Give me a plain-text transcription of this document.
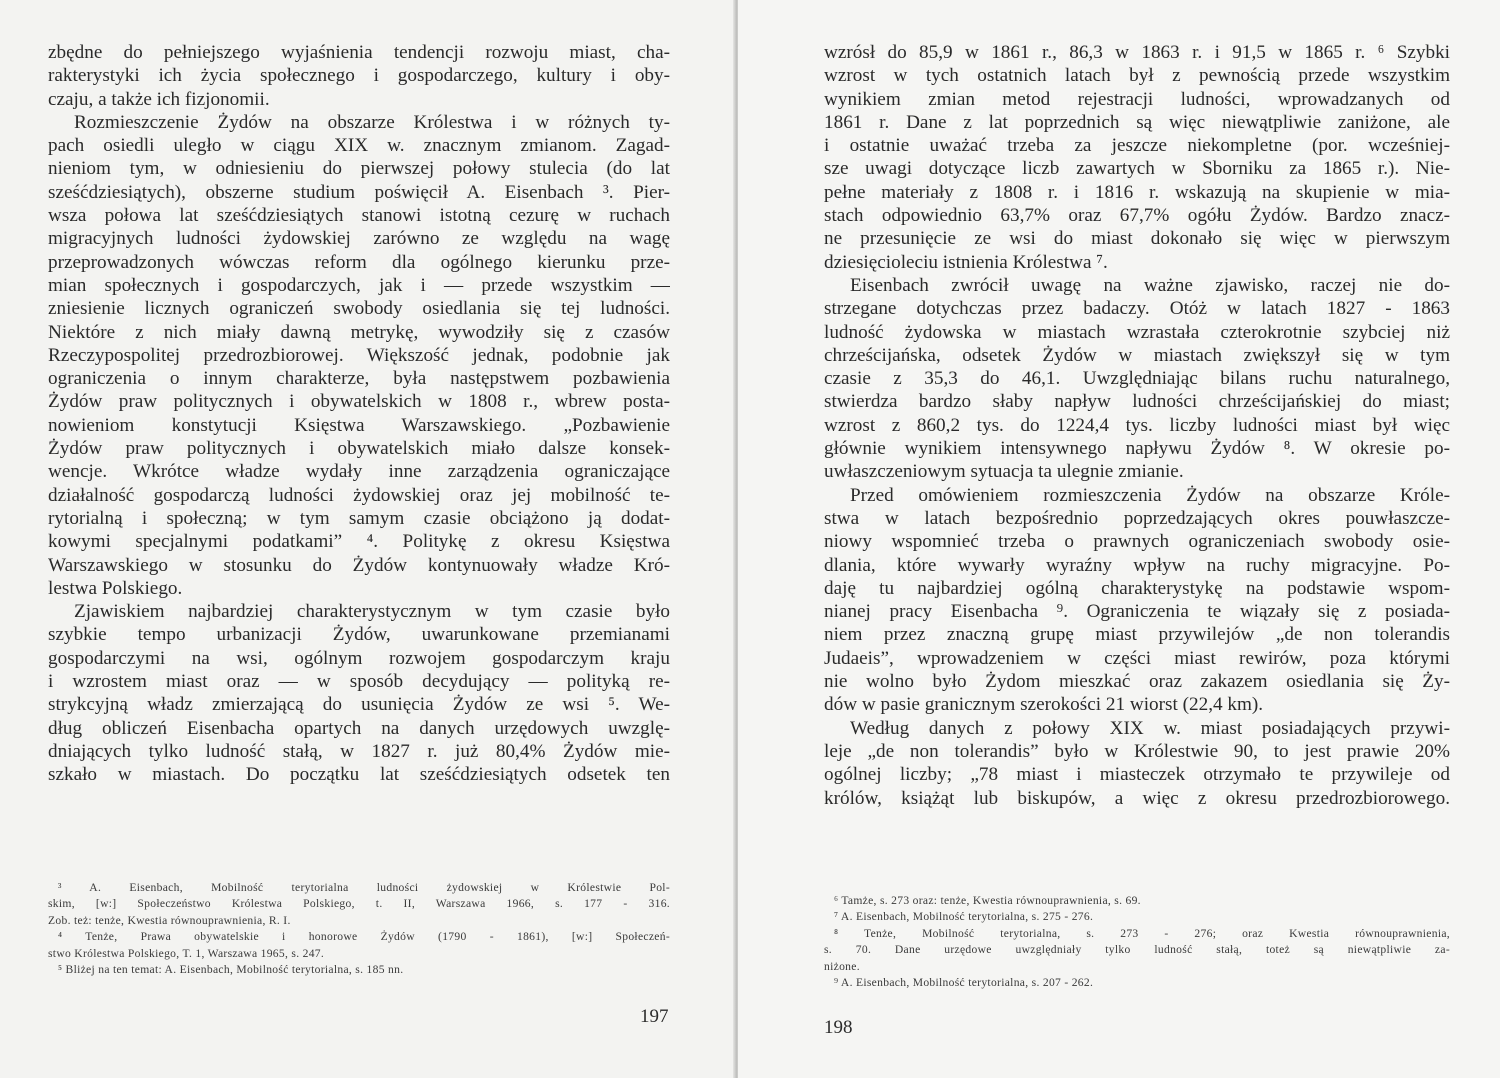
zbędne do pełniejszego wyjaśnienia tendencji rozwoju miast, cha-
rakterystyki ich życia społecznego i gospodarczego, kultury i oby-
czaju, a także ich fizjonomii.
Rozmieszczenie Żydów na obszarze Królestwa i w różnych ty-
pach osiedli uległo w ciągu XIX w. znacznym zmianom. Zagad-
nieniom tym, w odniesieniu do pierwszej połowy stulecia (do lat
sześćdziesiątych), obszerne studium poświęcił A. Eisenbach ³. Pier-
wsza połowa lat sześćdziesiątych stanowi istotną cezurę w ruchach
migracyjnych ludności żydowskiej zarówno ze względu na wagę
przeprowadzonych wówczas reform dla ogólnego kierunku prze-
mian społecznych i gospodarczych, jak i — przede wszystkim —
zniesienie licznych ograniczeń swobody osiedlania się tej ludności.
Niektóre z nich miały dawną metrykę, wywodziły się z czasów
Rzeczypospolitej przedrozbiorowej. Większość jednak, podobnie jak
ograniczenia o innym charakterze, była następstwem pozbawienia
Żydów praw politycznych i obywatelskich w 1808 r., wbrew posta-
nowieniom konstytucji Księstwa Warszawskiego. „Pozbawienie
Żydów praw politycznych i obywatelskich miało dalsze konsek-
wencje. Wkrótce władze wydały inne zarządzenia ograniczające
działalność gospodarczą ludności żydowskiej oraz jej mobilność te-
rytorialną i społeczną; w tym samym czasie obciążono ją dodat-
kowymi specjalnymi podatkami” ⁴. Politykę z okresu Księstwa
Warszawskiego w stosunku do Żydów kontynuowały władze Kró-
lestwa Polskiego.
Zjawiskiem najbardziej charakterystycznym w tym czasie było
szybkie tempo urbanizacji Żydów, uwarunkowane przemianami
gospodarczymi na wsi, ogólnym rozwojem gospodarczym kraju
i wzrostem miast oraz — w sposób decydujący — polityką re-
strykcyjną władz zmierzającą do usunięcia Żydów ze wsi ⁵. We-
dług obliczeń Eisenbacha opartych na danych urzędowych uwzglę-
dniających tylko ludność stałą, w 1827 r. już 80,4% Żydów mie-
szkało w miastach. Do początku lat sześćdziesiątych odsetek ten
³ A. Eisenbach, Mobilność terytorialna ludności żydowskiej w Królestwie Pol-
skim, [w:] Społeczeństwo Królestwa Polskiego, t. II, Warszawa 1966, s. 177 - 316.
Zob. też: tenże, Kwestia równouprawnienia, R. I.
⁴ Tenże, Prawa obywatelskie i honorowe Żydów (1790 - 1861), [w:] Społeczeń-
stwo Królestwa Polskiego, T. 1, Warszawa 1965, s. 247.
⁵ Bliżej na ten temat: A. Eisenbach, Mobilność terytorialna, s. 185 nn.
197
wzrósł do 85,9 w 1861 r., 86,3 w 1863 r. i 91,5 w 1865 r. ⁶ Szybki
wzrost w tych ostatnich latach był z pewnością przede wszystkim
wynikiem zmian metod rejestracji ludności, wprowadzanych od
1861 r. Dane z lat poprzednich są więc niewątpliwie zaniżone, ale
i ostatnie uważać trzeba za jeszcze niekompletne (por. wcześniej-
sze uwagi dotyczące liczb zawartych w Sborniku za 1865 r.). Nie-
pełne materiały z 1808 r. i 1816 r. wskazują na skupienie w mia-
stach odpowiednio 63,7% oraz 67,7% ogółu Żydów. Bardzo znacz-
ne przesunięcie ze wsi do miast dokonało się więc w pierwszym
dziesięcioleciu istnienia Królestwa ⁷.
Eisenbach zwrócił uwagę na ważne zjawisko, raczej nie do-
strzegane dotychczas przez badaczy. Otóż w latach 1827 - 1863
ludność żydowska w miastach wzrastała czterokrotnie szybciej niż
chrześcijańska, odsetek Żydów w miastach zwiększył się w tym
czasie z 35,3 do 46,1. Uwzględniając bilans ruchu naturalnego,
stwierdza bardzo słaby napływ ludności chrześcijańskiej do miast;
wzrost z 860,2 tys. do 1224,4 tys. liczby ludności miast był więc
głównie wynikiem intensywnego napływu Żydów ⁸. W okresie po-
uwłaszczeniowym sytuacja ta ulegnie zmianie.
Przed omówieniem rozmieszczenia Żydów na obszarze Króle-
stwa w latach bezpośrednio poprzedzających okres pouwłaszcze-
niowy wspomnieć trzeba o prawnych ograniczeniach swobody osie-
dlania, które wywarły wyraźny wpływ na ruchy migracyjne. Po-
daję tu najbardziej ogólną charakterystykę na podstawie wspom-
nianej pracy Eisenbacha ⁹. Ograniczenia te wiązały się z posiada-
niem przez znaczną grupę miast przywilejów „de non tolerandis
Judaeis”, wprowadzeniem w części miast rewirów, poza którymi
nie wolno było Żydom mieszkać oraz zakazem osiedlania się Ży-
dów w pasie granicznym szerokości 21 wiorst (22,4 km).
Według danych z połowy XIX w. miast posiadających przywi-
leje „de non tolerandis” było w Królestwie 90, to jest prawie 20%
ogólnej liczby; „78 miast i miasteczek otrzymało te przywileje od
królów, książąt lub biskupów, a więc z okresu przedrozbiorowego.
⁶ Tamże, s. 273 oraz: tenże, Kwestia równouprawnienia, s. 69.
⁷ A. Eisenbach, Mobilność terytorialna, s. 275 - 276.
⁸ Tenże, Mobilność terytorialna, s. 273 - 276; oraz Kwestia równouprawnienia,
s. 70. Dane urzędowe uwzględniały tylko ludność stałą, toteż są niewątpliwie za-
niżone.
⁹ A. Eisenbach, Mobilność terytorialna, s. 207 - 262.
198
